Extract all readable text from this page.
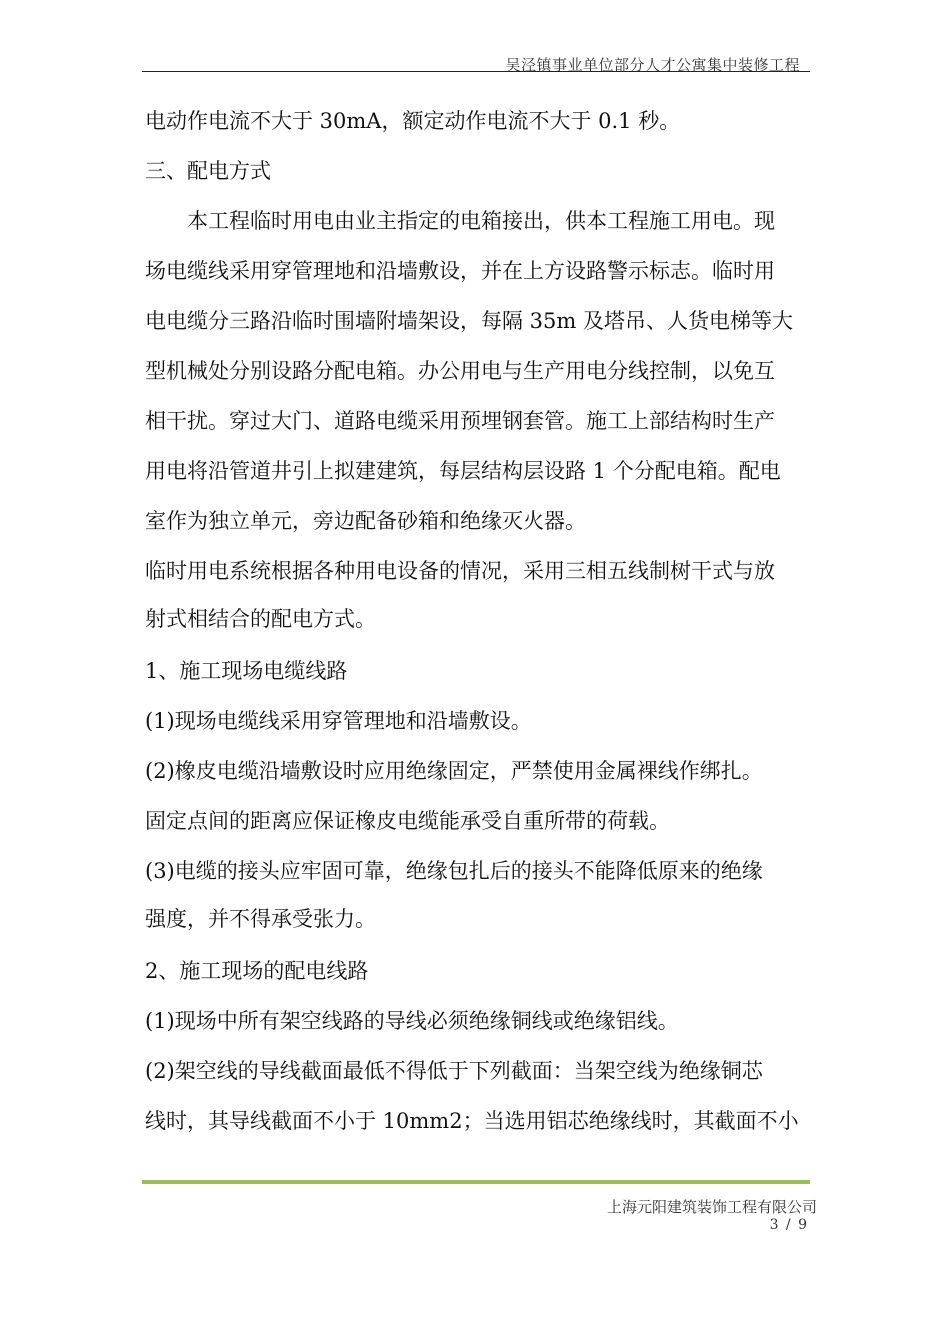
吴泾镇事业单位部分人才公寓集中装修工程
电动作电流不大于 30mA，额定动作电流不大于 0.1 秒。
三、配电方式
　　本工程临时用电由业主指定的电箱接出，供本工程施工用电。现
场电缆线采用穿管理地和沿墙敷设，并在上方设路警示标志。临时用
电电缆分三路沿临时围墙附墙架设，每隔 35m 及塔吊、人货电梯等大
型机械处分别设路分配电箱。办公用电与生产用电分线控制，以免互
相干扰。穿过大门、道路电缆采用预埋钢套管。施工上部结构时生产
用电将沿管道井引上拟建建筑，每层结构层设路 1 个分配电箱。配电
室作为独立单元，旁边配备砂箱和绝缘灭火器。
临时用电系统根据各种用电设备的情况，采用三相五线制树干式与放
射式相结合的配电方式。
1、施工现场电缆线路
(1)现场电缆线采用穿管理地和沿墙敷设。
(2)橡皮电缆沿墙敷设时应用绝缘固定，严禁使用金属裸线作绑扎。
固定点间的距离应保证橡皮电缆能承受自重所带的荷载。
(3)电缆的接头应牢固可靠，绝缘包扎后的接头不能降低原来的绝缘
强度，并不得承受张力。
2、施工现场的配电线路
(1)现场中所有架空线路的导线必须绝缘铜线或绝缘铝线。
(2)架空线的导线截面最低不得低于下列截面：当架空线为绝缘铜芯
线时，其导线截面不小于 10mm2；当选用铝芯绝缘线时，其截面不小
上海元阳建筑装饰工程有限公司
3 / 9
